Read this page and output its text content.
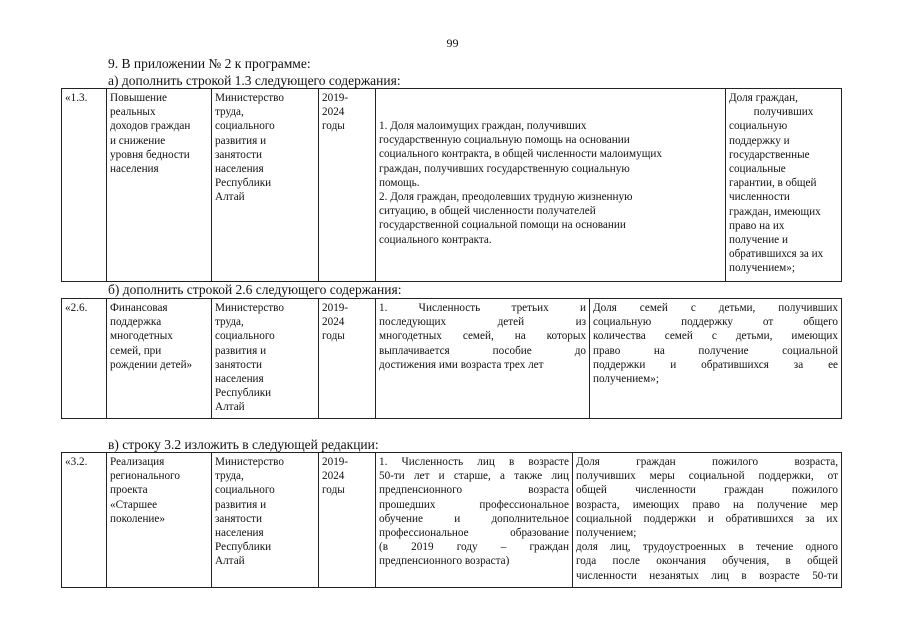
99
9. В приложении № 2 к программе:
а) дополнить строкой 1.3 следующего содержания:
«1.3.	Повышение
реальных
доходов граждан
и снижение
уровня бедности
населения

Министерство
труда,
социального
развития и
занятости
населения
Республики
Алтай

2019-
2024
годы	1. Доля малоимущих граждан, получивших
государственную социальную помощь на основании
социального контракта, в общей численности малоимущих
граждан, получивших государственную социальную
помощь.
2. Доля граждан, преодолевших трудную жизненную
ситуацию, в общей численности получателей
государственной социальной помощи на основании
социального контракта.

Доля граждан,
получивших
социальную
поддержку и
государственные
социальные
гарантии, в общей
численности
граждан, имеющих
право на их
получение и
обратившихся за их
получением»;
б) дополнить строкой 2.6 следующего содержания:
«2.6.	Финансовая
поддержка
многодетных
семей, при
рождении детей»

Министерство
труда,
социального
развития и
занятости
населения
Республики
Алтай

2019-
2024
годы

1. Численность третьих и
последующих детей из
многодетных семей, на которых
выплачивается пособие до
достижения ими возраста трех лет

Доля семей с детьми, получивших
социальную поддержку от общего
количества семей с детьми, имеющих
право на получение социальной
поддержки и обратившихся за ее
получением»;
в) строку 3.2 изложить в следующей редакции:
«3.2.	Реализация
регионального
проекта
«Старшее
поколение»

Министерство
труда,
социального
развития и
занятости
населения
Республики
Алтай

2019-
2024
годы

1. Численность лиц в возрасте
50-ти лет и старше, а также лиц
предпенсионного возраста
прошедших профессиональное
обучение и дополнительное
профессиональное образование
(в 2019 году – граждан
предпенсионного возраста)

Доля граждан пожилого возраста,
получивших меры социальной поддержки, от
общей численности граждан пожилого
возраста, имеющих право на получение мер
социальной поддержки и обратившихся за их
получением;
доля лиц, трудоустроенных в течение одного
года после окончания обучения, в общей
численности незанятых лиц в возрасте 50-ти
